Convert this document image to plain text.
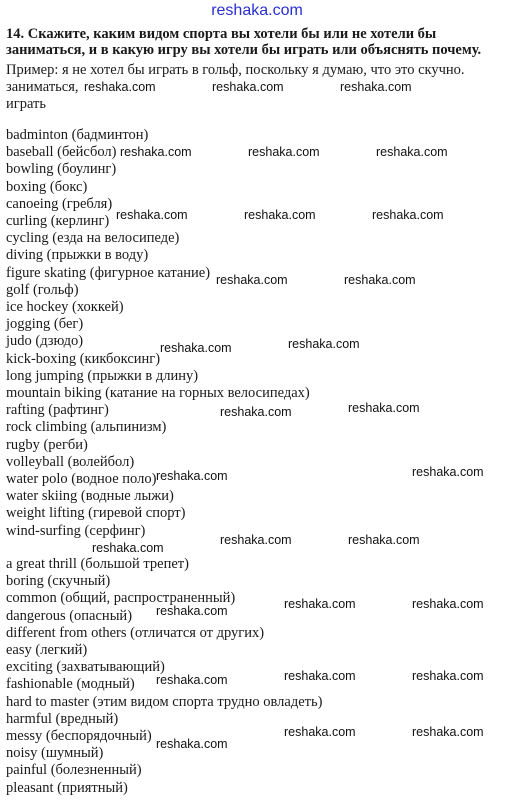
reshaka.com
14. Скажите, каким видом спорта вы хотели бы или не хотели бы заниматься, и в какую игру вы хотели бы играть или объяснять почему.
Пример: я не хотел бы играть в гольф, поскольку я думаю, что это скучно.
заниматься,
играть
badminton (бадминтон)
baseball (бейсбол)
bowling (боулинг)
boxing (бокс)
canoeing (гребля)
curling (керлинг)
cycling (езда на велосипеде)
diving (прыжки в воду)
figure skating (фигурное катание)
golf (гольф)
ice hockey (хоккей)
jogging (бег)
judo (дзюдо)
kick-boxing (кикбоксинг)
long jumping (прыжки в длину)
mountain biking (катание на горных велосипедах)
rafting (рафтинг)
rock climbing (альпинизм)
rugby (регби)
volleyball (волейбол)
water polo (водное поло)
water skiing (водные лыжи)
weight lifting (гиревой спорт)
wind-surfing (серфинг)
a great thrill (большой трепет)
boring (скучный)
common (общий, распространенный)
dangerous (опасный)
different from others (отличатся от других)
easy (легкий)
exciting (захватывающий)
fashionable (модный)
hard to master (этим видом спорта трудно овладеть)
harmful (вредный)
messy (беспорядочный)
noisy (шумный)
painful (болезненный)
pleasant (приятный)
reshaka.com	reshaka.com	reshaka.com
reshaka.com	reshaka.com	reshaka.com
reshaka.com	reshaka.com	reshaka.com
reshaka.com	reshaka.com
reshaka.com	reshaka.com
reshaka.com	reshaka.com
reshaka.com	reshaka.com
reshaka.com	reshaka.com
reshaka.com
reshaka.com	reshaka.com	reshaka.com
reshaka.com	reshaka.com	reshaka.com
reshaka.com
reshaka.com	reshaka.com
